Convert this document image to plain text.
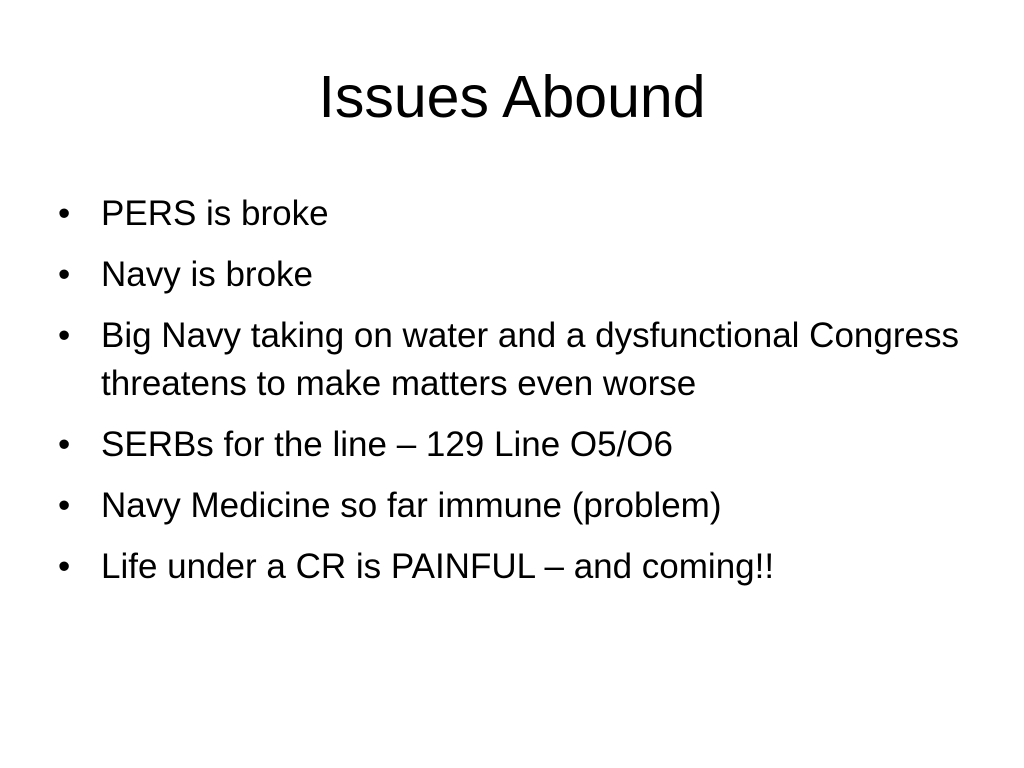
Issues Abound
• PERS is broke
• Navy is broke
• Big Navy taking on water and a dysfunctional Congress threatens to make matters even worse
• SERBs for the line – 129 Line O5/O6
• Navy Medicine so far immune (problem)
• Life under a CR is PAINFUL – and coming!!
